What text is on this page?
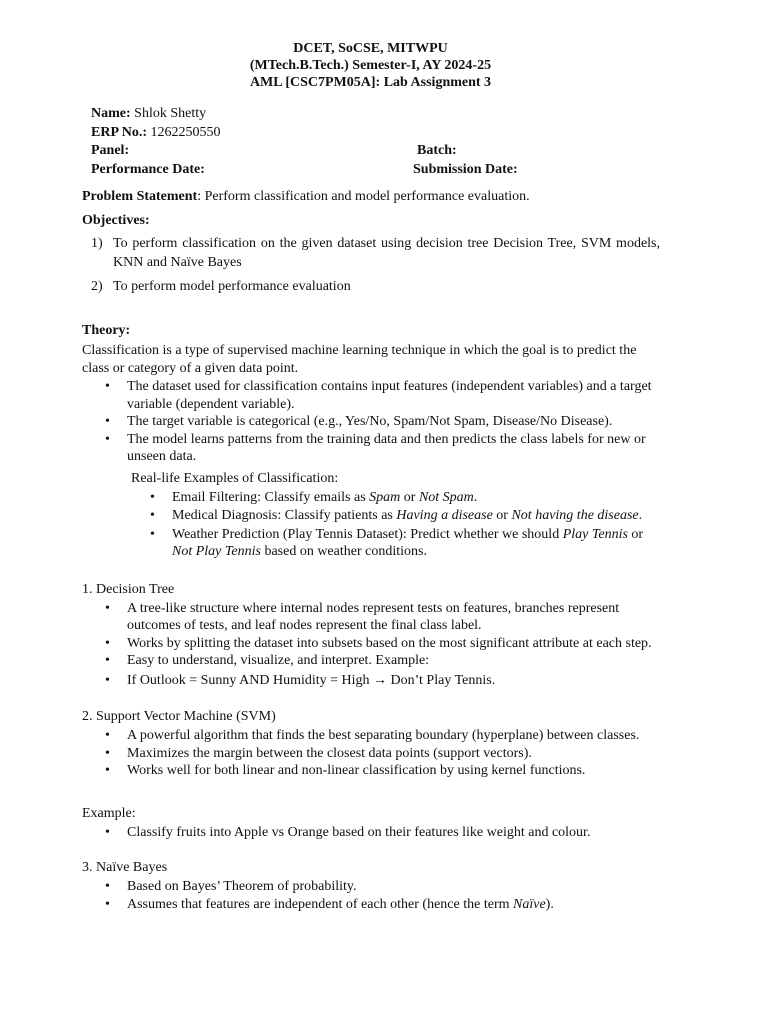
DCET, SoCSE, MITWPU
(MTech.B.Tech.) Semester-I, AY 2024-25
AML [CSC7PM05A]: Lab Assignment 3
Name: Shlok Shetty
ERP No.: 1262250550
Panel:	Batch:
Performance Date:	Submission Date:
Problem Statement: Perform classification and model performance evaluation.
Objectives:
1) To perform classification on the given dataset using decision tree Decision Tree, SVM models, KNN and Naïve Bayes
2) To perform model performance evaluation
Theory:

Classification is a type of supervised machine learning technique in which the goal is to predict the class or category of a given data point.

• The dataset used for classification contains input features (independent variables) and a target variable (dependent variable).
• The target variable is categorical (e.g., Yes/No, Spam/Not Spam, Disease/No Disease).
• The model learns patterns from the training data and then predicts the class labels for new or unseen data.
Real-life Examples of Classification:
• Email Filtering: Classify emails as Spam or Not Spam.
• Medical Diagnosis: Classify patients as Having a disease or Not having the disease.
• Weather Prediction (Play Tennis Dataset): Predict whether we should Play Tennis or Not Play Tennis based on weather conditions.
1. Decision Tree
• A tree-like structure where internal nodes represent tests on features, branches represent outcomes of tests, and leaf nodes represent the final class label.
• Works by splitting the dataset into subsets based on the most significant attribute at each step.
• Easy to understand, visualize, and interpret. Example:
• If Outlook = Sunny AND Humidity = High → Don’t Play Tennis.
2. Support Vector Machine (SVM)
• A powerful algorithm that finds the best separating boundary (hyperplane) between classes.
• Maximizes the margin between the closest data points (support vectors).
• Works well for both linear and non-linear classification by using kernel functions.
Example:
• Classify fruits into Apple vs Orange based on their features like weight and colour.
3. Naïve Bayes
• Based on Bayes’ Theorem of probability.
• Assumes that features are independent of each other (hence the term Naïve).
